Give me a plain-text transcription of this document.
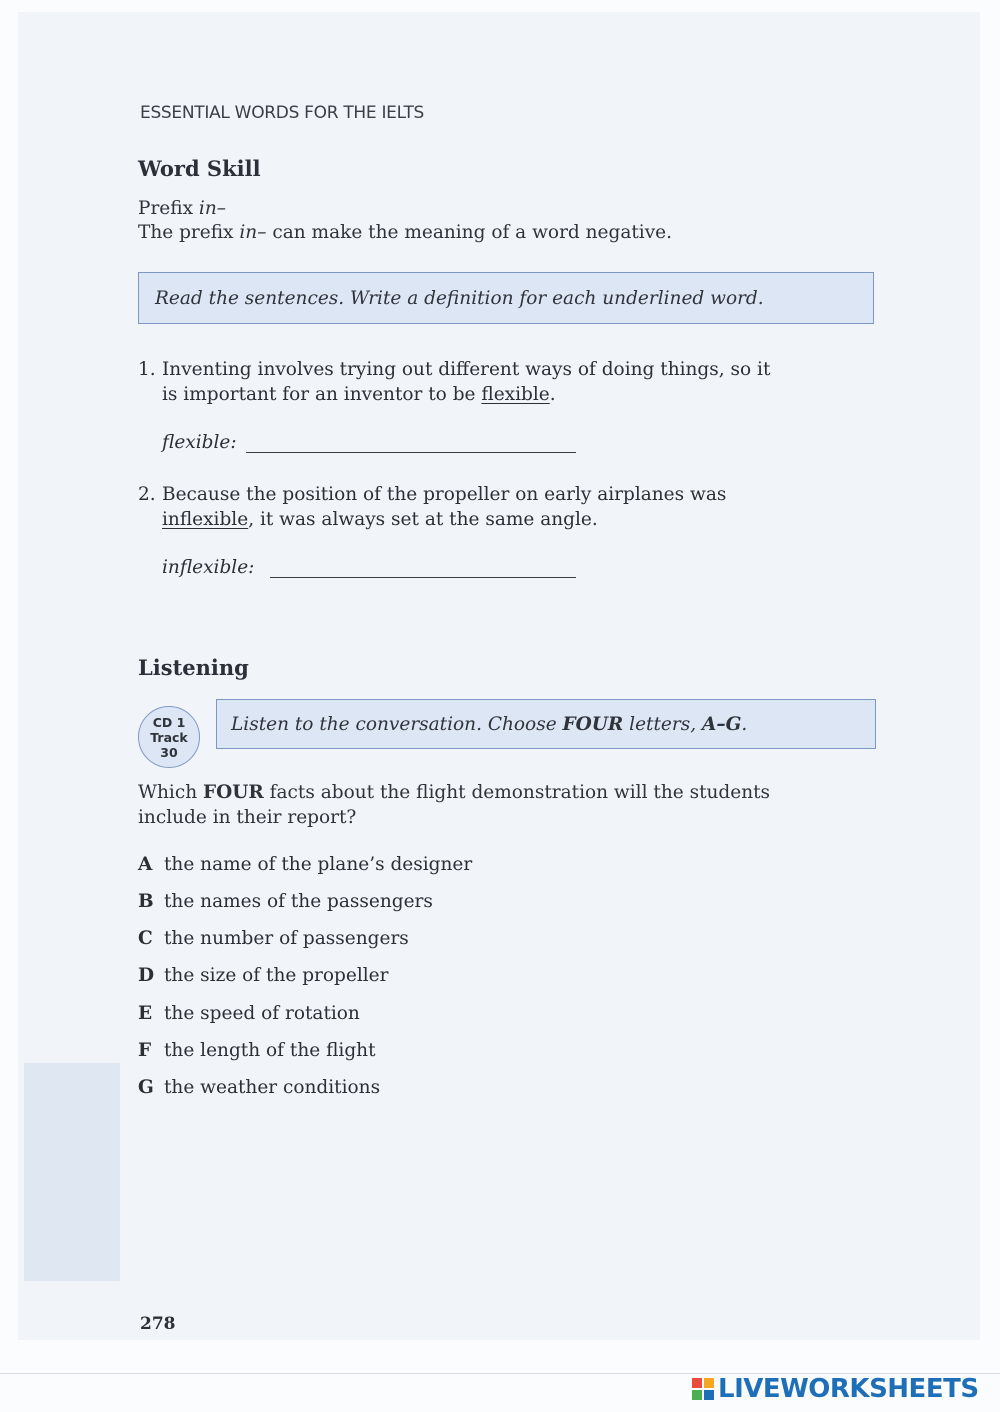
ESSENTIAL WORDS FOR THE IELTS
Word Skill
Prefix in–
The prefix in– can make the meaning of a word negative.
Read the sentences. Write a definition for each underlined word.
1. Inventing involves trying out different ways of doing things, so it
is important for an inventor to be flexible.
flexible:
2. Because the position of the propeller on early airplanes was
inflexible, it was always set at the same angle.
inflexible:
Listening
CD 1
Track
30
Listen to the conversation. Choose FOUR letters, A–G.
Which FOUR facts about the flight demonstration will the students
include in their report?
A the name of the plane’s designer
B the names of the passengers
C the number of passengers
D the size of the propeller
E the speed of rotation
F the length of the flight
G the weather conditions
278
LIVEWORKSHEETS
